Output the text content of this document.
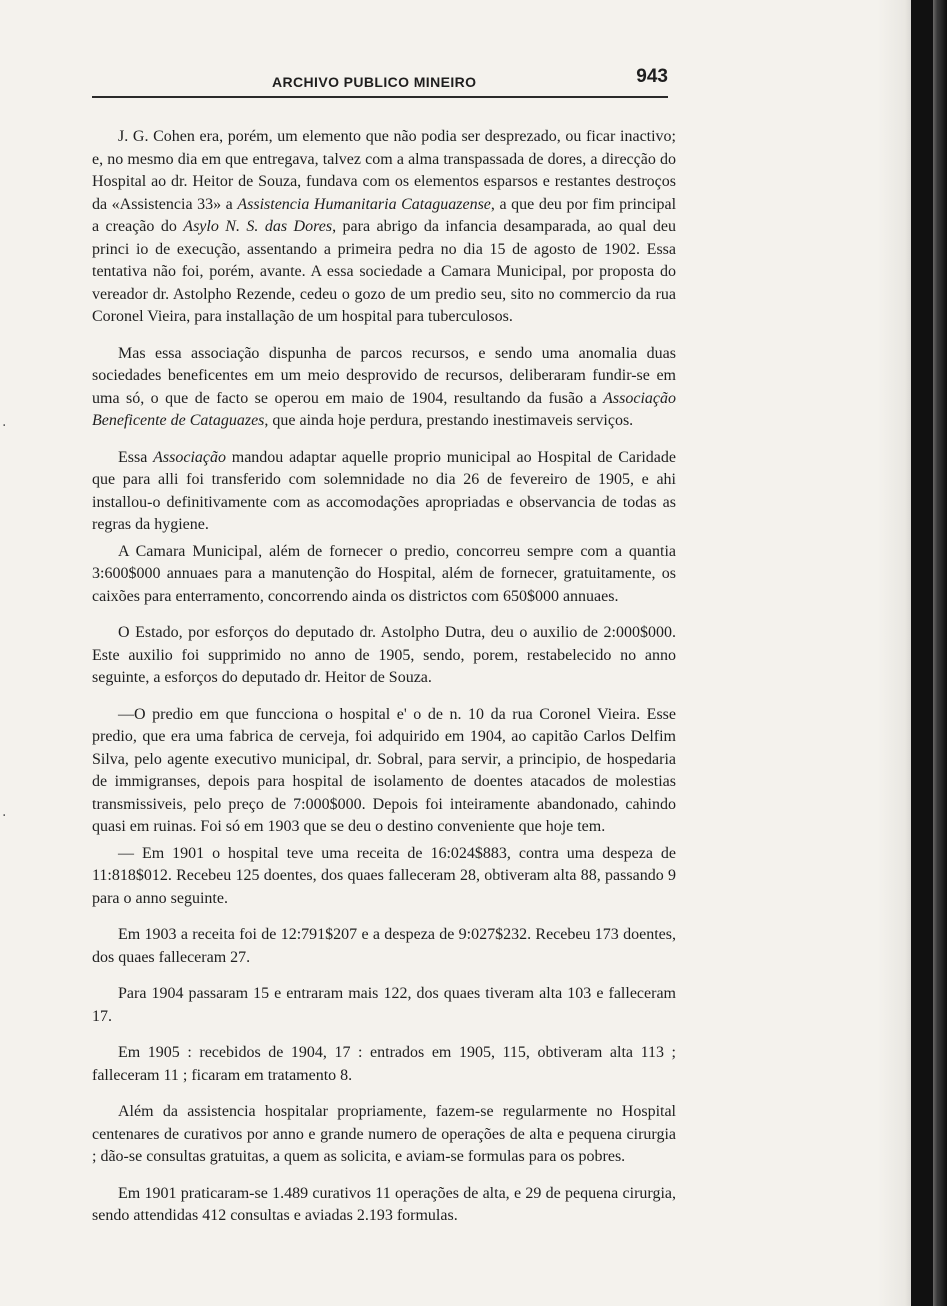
ARCHIVO PUBLICO MINEIRO	943

J. G. Cohen era, porém, um elemento que não podia ser desprezado, ou ficar inactivo; e, no mesmo dia em que entregava, talvez com a alma transpassada de dores, a direcção do Hospital ao dr. Heitor de Souza, fundava com os elementos esparsos e restantes destroços da «Assistencia 33» a Assistencia Humanitaria Cataguazense, a que deu por fim principal a creação do Asylo N. S. das Dores, para abrigo da infancia desamparada, ao qual deu princi io de execução, assentando a primeira pedra no dia 15 de agosto de 1902. Essa tentativa não foi, porém, avante. A essa sociedade a Camara Municipal, por proposta do vereador dr. Astolpho Rezende, cedeu o gozo de um predio seu, sito no commercio da rua Coronel Vieira, para installação de um hospital para tuberculosos.

Mas essa associação dispunha de parcos recursos, e sendo uma anomalia duas sociedades beneficentes em um meio desprovido de recursos, deliberaram fundir-se em uma só, o que de facto se operou em maio de 1904, resultando da fusão a Associação Beneficente de Cataguazes, que ainda hoje perdura, prestando inestimaveis serviços.

Essa Associação mandou adaptar aquelle proprio municipal ao Hospital de Caridade que para alli foi transferido com solemnidade no dia 26 de fevereiro de 1905, e ahi installou-o definitivamente com as accomodações apropriadas e observancia de todas as regras da hygiene.

A Camara Municipal, além de fornecer o predio, concorreu sempre com a quantia 3:600$000 annuaes para a manutenção do Hospital, além de fornecer, gratuitamente, os caixões para enterramento, concorrendo ainda os districtos com 650$000 annuaes.

O Estado, por esforços do deputado dr. Astolpho Dutra, deu o auxilio de 2:000$000. Este auxilio foi supprimido no anno de 1905, sendo, porem, restabelecido no anno seguinte, a esforços do deputado dr. Heitor de Souza.

—O predio em que funcciona o hospital e' o de n. 10 da rua Coronel Vieira. Esse predio, que era uma fabrica de cerveja, foi adquirido em 1904, ao capitão Carlos Delfim Silva, pelo agente executivo municipal, dr. Sobral, para servir, a principio, de hospedaria de immigranses, depois para hospital de isolamento de doentes atacados de molestias transmissiveis, pelo preço de 7:000$000. Depois foi inteiramente abandonado, cahindo quasi em ruinas. Foi só em 1903 que se deu o destino conveniente que hoje tem.

— Em 1901 o hospital teve uma receita de 16:024$883, contra uma despeza de 11:818$012. Recebeu 125 doentes, dos quaes falleceram 28, obtiveram alta 88, passando 9 para o anno seguinte.

Em 1903 a receita foi de 12:791$207 e a despeza de 9:027$232. Recebeu 173 doentes, dos quaes falleceram 27.

Para 1904 passaram 15 e entraram mais 122, dos quaes tiveram alta 103 e falleceram 17.

Em 1905 : recebidos de 1904, 17 : entrados em 1905, 115, obtiveram alta 113 ; falleceram 11 ; ficaram em tratamento 8.

Além da assistencia hospitalar propriamente, fazem-se regularmente no Hospital centenares de curativos por anno e grande numero de operações de alta e pequena cirurgia ; dão-se consultas gratuitas, a quem as solicita, e aviam-se formulas para os pobres.

Em 1901 praticaram-se 1.489 curativos 11 operações de alta, e 29 de pequena cirurgia, sendo attendidas 412 consultas e aviadas 2.193 formulas.

·
·
